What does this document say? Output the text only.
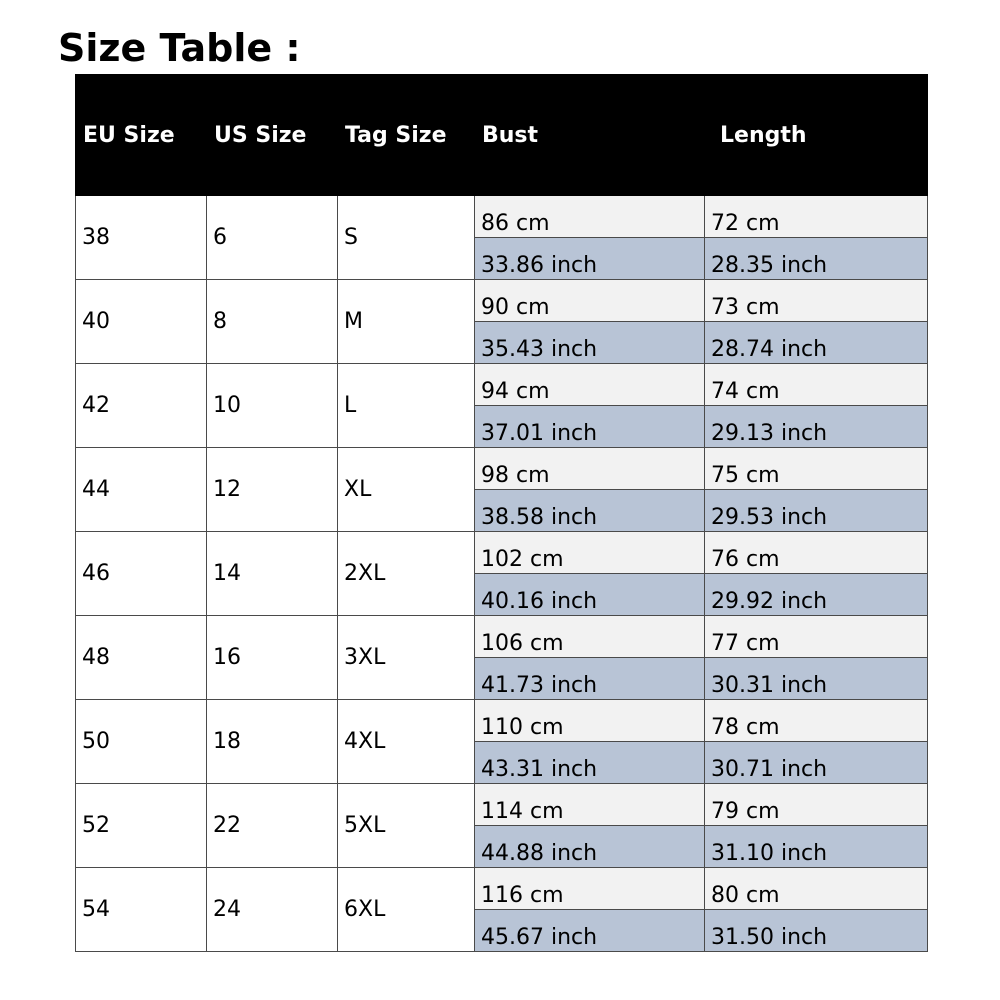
Size Table :
EU Size	US Size	Tag Size	Bust	Length
38	6	S	86 cm	72 cm
			33.86 inch	28.35 inch
40	8	M	90 cm	73 cm
			35.43 inch	28.74 inch
42	10	L	94 cm	74 cm
			37.01 inch	29.13 inch
44	12	XL	98 cm	75 cm
			38.58 inch	29.53 inch
46	14	2XL	102 cm	76 cm
			40.16 inch	29.92 inch
48	16	3XL	106 cm	77 cm
			41.73 inch	30.31 inch
50	18	4XL	110 cm	78 cm
			43.31 inch	30.71 inch
52	22	5XL	114 cm	79 cm
			44.88 inch	31.10 inch
54	24	6XL	116 cm	80 cm
			45.67 inch	31.50 inch
